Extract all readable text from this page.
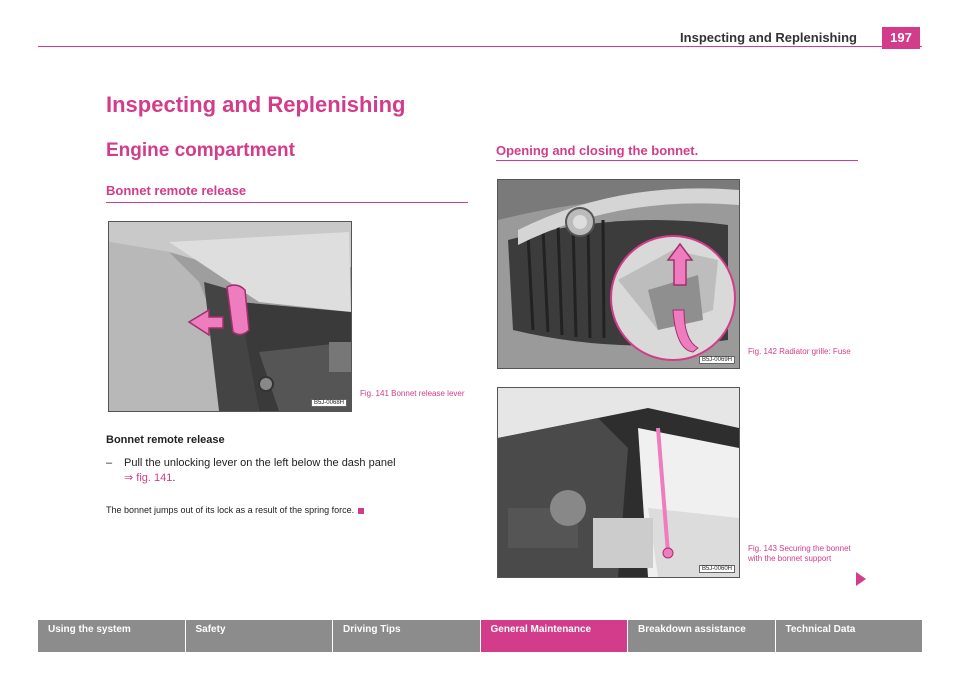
Inspecting and Replenishing	197
Inspecting and Replenishing
Engine compartment
Bonnet remote release
B5J-0068H
Fig. 141 Bonnet release lever
Bonnet remote release
– Pull the unlocking lever on the left below the dash panel
⇒ fig. 141.
The bonnet jumps out of its lock as a result of the spring force.
Opening and closing the bonnet.
B5J-0069H
Fig. 142 Radiator grille: Fuse
B5J-0060H
Fig. 143 Securing the bonnet with the bonnet support
Using the system	Safety	Driving Tips	General Maintenance	Breakdown assistance	Technical Data
